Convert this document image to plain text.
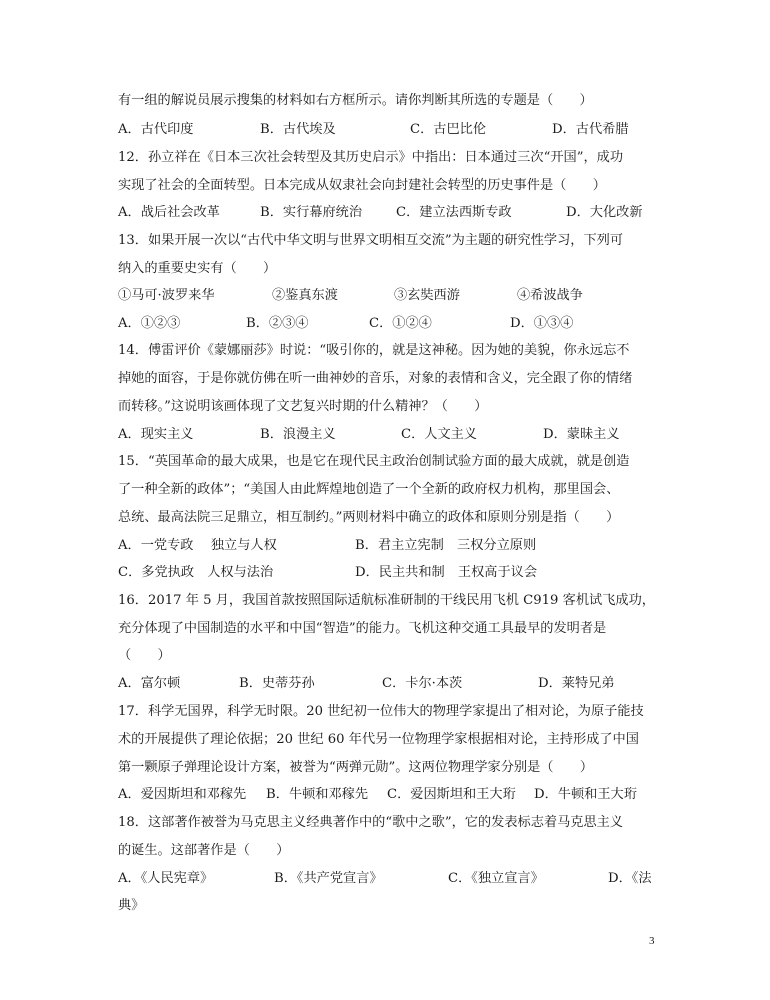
有一组的解说员展示搜集的材料如右方框所示。请你判断其所选的专题是（　　）
A．古代印度	B．古代埃及	C．古巴比伦	D．古代希腊
12．孙立祥在《日本三次社会转型及其历史启示》中指出：日本通过三次“开国”，成功
实现了社会的全面转型。日本完成从奴隶社会向封建社会转型的历史事件是（　　）
A．战后社会改革	B．实行幕府统治	C．建立法西斯专政	D．大化改新
13．如果开展一次以“古代中华文明与世界文明相互交流”为主题的研究性学习，下列可
纳入的重要史实有（　　）
①马可·波罗来华	②鉴真东渡	③玄奘西游	④希波战争
A．①②③	B．②③④	C．①②④	D．①③④
14．傅雷评价《蒙娜丽莎》时说：“吸引你的，就是这神秘。因为她的美貌，你永远忘不
掉她的面容，于是你就仿佛在听一曲神妙的音乐，对象的表情和含义，完全跟了你的情绪
而转移。”这说明该画体现了文艺复兴时期的什么精神？（　　）
A．现实主义	B．浪漫主义	C．人文主义	D．蒙昧主义
15．“英国革命的最大成果，也是它在现代民主政治创制试验方面的最大成就，就是创造
了一种全新的政体”；“美国人由此辉煌地创造了一个全新的政府权力机构，那里国会、
总统、最高法院三足鼎立，相互制约。”两则材料中确立的政体和原则分别是指（　　）
A．一党专政　 独立与人权	B．君主立宪制　三权分立原则
C．多党执政　人权与法治	D．民主共和制　王权高于议会
16．2017 年 5 月，我国首款按照国际适航标准研制的干线民用飞机 C919 客机试飞成功，
充分体现了中国制造的水平和中国“智造”的能力。飞机这种交通工具最早的发明者是
（　　）
A．富尔顿	B．史蒂芬孙	C．卡尔·本茨	D．莱特兄弟
17．科学无国界，科学无时限。20 世纪初一位伟大的物理学家提出了相对论，为原子能技
术的开展提供了理论依据；20 世纪 60 年代另一位物理学家根据相对论，主持形成了中国
第一颗原子弹理论设计方案，被誉为“两弹元勋”。这两位物理学家分别是（　　）
A．爱因斯坦和邓稼先 B．牛顿和邓稼先 C．爱因斯坦和王大珩 D．牛顿和王大珩
18．这部著作被誉为马克思主义经典著作中的“歌中之歌”，它的发表标志着马克思主义
的诞生。这部著作是（　　）
A．《人民宪章》	B．《共产党宣言》	C．《独立宣言》	D．《法
典》
3
